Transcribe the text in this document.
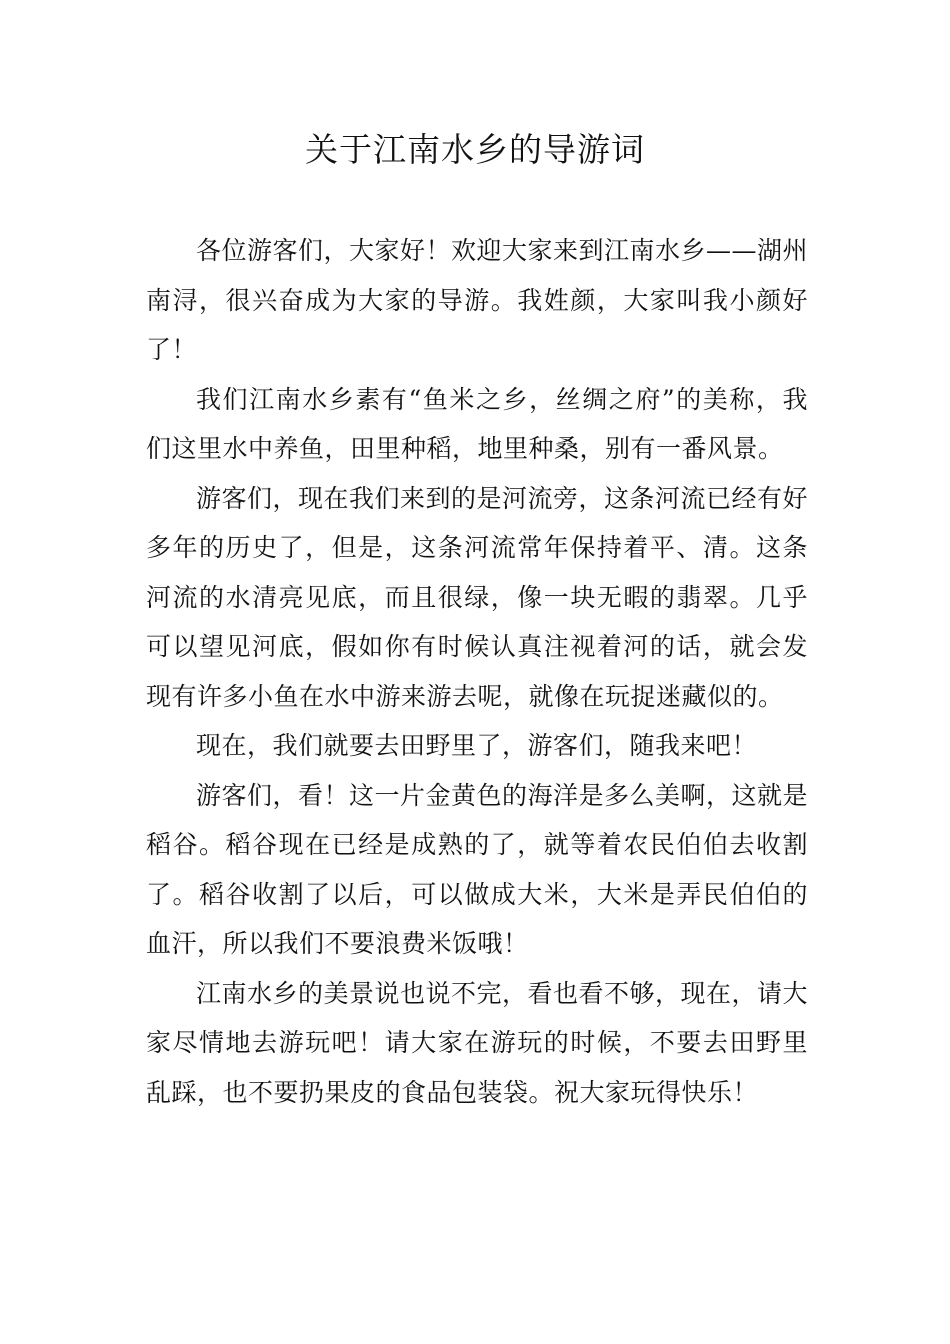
关于江南水乡的导游词

各位游客们，大家好！欢迎大家来到江南水乡——湖州南浔，很兴奋成为大家的导游。我姓颜，大家叫我小颜好了！

我们江南水乡素有“鱼米之乡，丝绸之府”的美称，我们这里水中养鱼，田里种稻，地里种桑，别有一番风景。

游客们，现在我们来到的是河流旁，这条河流已经有好多年的历史了，但是，这条河流常年保持着平、清。这条河流的水清亮见底，而且很绿，像一块无暇的翡翠。几乎可以望见河底，假如你有时候认真注视着河的话，就会发现有许多小鱼在水中游来游去呢，就像在玩捉迷藏似的。

现在，我们就要去田野里了，游客们，随我来吧！

游客们，看！这一片金黄色的海洋是多么美啊，这就是稻谷。稻谷现在已经是成熟的了，就等着农民伯伯去收割了。稻谷收割了以后，可以做成大米，大米是弄民伯伯的血汗，所以我们不要浪费米饭哦！

江南水乡的美景说也说不完，看也看不够，现在，请大家尽情地去游玩吧！请大家在游玩的时候，不要去田野里乱踩，也不要扔果皮的食品包装袋。祝大家玩得快乐！
